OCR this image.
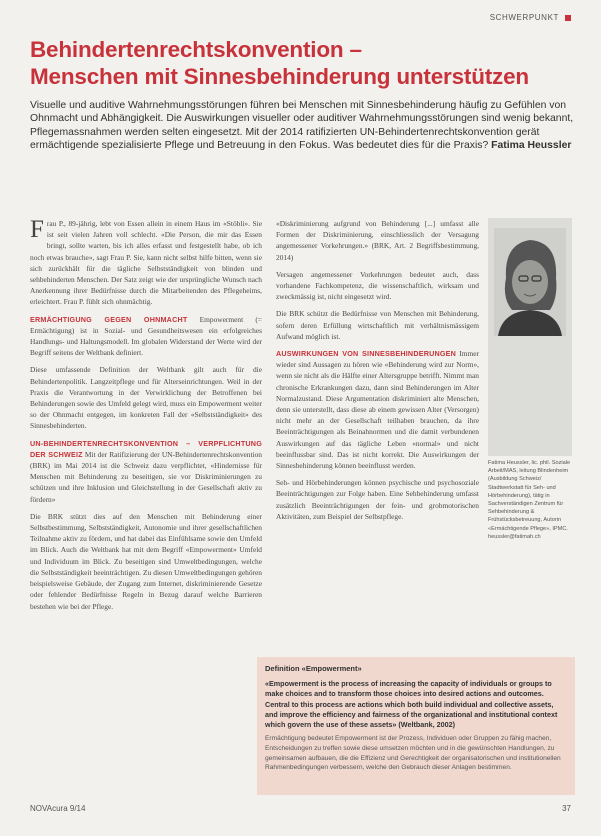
SCHWERPUNKT
Behindertenrechtskonvention –
Menschen mit Sinnesbehinderung unterstützen
Visuelle und auditive Wahrnehmungsstörungen führen bei Menschen mit Sinnesbehinderung häufig zu Gefühlen von Ohnmacht und Abhängigkeit. Die Auswirkungen visueller oder auditiver Wahrnehmungsstörungen sind wenig bekannt, Pflegemassnahmen werden selten eingesetzt. Mit der 2014 ratifizierten UN-Behindertenrechtskonvention gerät ermächtigende spezialisierte Pflege und Betreuung in den Fokus. Was bedeutet dies für die Praxis? Fatima Heussler

Frau P., 89-jährig, lebt von Essen allein in einem Haus im «Stöbli». Sie ist seit vielen Jahren voll schlecht. «Die Person, die mir das Essen bringt, sollte warten, bis ich alles erfasst und festgestellt habe, ob ich noch etwas brauche», sagt Frau P. Sie, kann nicht selbst hilfe bitten, wenn sie sich zurückhält für die tägliche Selbstständigkeit von blinden und sehbehinderten Menschen. Der Satz zeigt wie der ursprüngliche Wunsch nach Anerkennung ihrer Bedürfnisse durch die Mitarbeitenden des Pflegeheims, erleichtert. Frau P. fühlt sich ohnmächtig.

ERMÄCHTIGUNG GEGEN OHNMACHT Empowerment (= Ermächtigung) ist in Sozial- und Gesundheitswesen ein erfolgreiches Handlungs- und Haltungsmodell. Im globalen Widerstand der Werte wird der Begriff seitens der Weltbank definiert.

Diese umfassende Definition der Weltbank gilt auch für die Behindertenpolitik. Langzeitpflege und für Alterseinrichtungen. Weil in der Praxis die Verantwortung in der Verwirklichung der Betroffenen bei Behinderungen sowie des Umfeld gelegt wird, muss ein Empowerment weiter so der Ohnmacht entgegen, im konkreten Fall der «Selbstständigkeit» des Sinnesbehinderten.

UN-BEHINDERTENRECHTSKONVENTION – VERPFLICHTUNG DER SCHWEIZ Mit der Ratifizierung der UN-Behindertenrechtskonvention (BRK) im Mai 2014 ist die Schweiz dazu verpflichtet, «Hindernisse für Menschen mit Behinderung zu beseitigen, sie vor Diskriminierungen zu schützen und ihre Inklusion und Gleichstellung in der Gesellschaft aktiv zu fördern»

Die BRK stützt dies auf den Menschen mit Behinderung einer Selbstbestimmung, Selbstständigkeit, Autonomie und ihrer gesellschaftlichen Teilnahme aktiv zu fördern, und hat dabei das Einfühlsame sowie den Umfeld im Blick. Auch die Weltbank hat mit dem Begriff «Empowerment» Umfeld und Individuum im Blick. Zu beseitigen sind Umweltbedingungen, welche die Selbstständigkeit beeinträchtigen. Zu diesen Umweltbedingungen gehören beispielsweise Gebäude, der Zugang zum Internet, diskriminierende Gesetze oder fehlender Bedürfnisse Regeln in Bezug darauf welche Barrieren bestehen wie bei der Pflege.

«Diskriminierung aufgrund von Behinderung [...] umfasst alle Formen der Diskriminierung, einschliesslich der Versagung angemessener Vorkehrungen.» (BRK, Art. 2 Begriffsbestimmung, 2014)

Versagen angemessener Vorkehrungen bedeutet auch, dass vorhandene Fachkompetenz, die wissenschaftlich, wirksam und zweckmässig ist, nicht eingesetzt wird.

Die BRK schützt die Bedürfnisse von Menschen mit Behinderung, sofern deren Erfüllung wirtschaftlich mit verhältnismässigem Aufwand möglich ist.

AUSWIRKUNGEN VON SINNESBEHINDERUNGEN Immer wieder sind Aussagen zu hören wie «Behinderung wird zur Norm», wenn sie nicht als die Hälfte einer Altersgruppe betrifft. Nimmt man chronische Erkrankungen dazu, dann sind Behinderungen im Alter Normalzustand. Diese Argumentation diskriminiert alte Menschen, denn sie unterstellt, dass diese ab einem gewissen Alter (Versorgen) nicht mehr an der Gesellschaft teilhaben brauchen, da ihre Beeinträchtigungen als Beinahnormen und die damit verbundenen Auswirkungen auf das tägliche Leben «normal» und nicht beeinflussbar sind. Das ist nicht korrekt. Die Auswirkungen der Sinnesbehinderung können beeinflusst werden.

Seh- und Hörbehinderungen können psychische und psychosoziale Beeinträchtigungen zur Folge haben. Eine Sehbehinderung umfasst zusätzlich Beeinträchtigungen der fein- und grobmotorischen Aktivitäten, zum Beispiel der Selbstpflege.

Fatima Heussler, lic. phil. Soziale Arbeit/MAS, leitung Blindenheim (Ausbildung Schweiz/ Stadtwerkstatt für Seh- und Hörbehinderung), tätig in Sachverständigen Zentrum für Sehbehinderung & Frühstücksbetreuung, Autorin «Ermächtigende Pflege», IPMC. heussler@fatimah.ch
Definition «Empowerment»
«Empowerment is the process of increasing the capacity of individuals or groups to make choices and to transform those choices into desired actions and outcomes. Central to this process are actions which both build individual and collective assets, and improve the efficiency and fairness of the organizational and institutional context which govern the use of these assets» (Weltbank, 2002)
Ermächtigung bedeutet Empowerment ist der Prozess, Individuen oder Gruppen zu fähig machen, Entscheidungen zu treffen sowie diese umsetzen möchten und in die gewünschten Handlungen, zu gemeinsamen aufbauen, die die Effizienz und Gerechtigkeit der organisatorischen und institutionellen Rahmenbedingungen verbessern, welche den Gebrauch dieser Anlagen bestimmen.
NOVAcura 9/14	37
